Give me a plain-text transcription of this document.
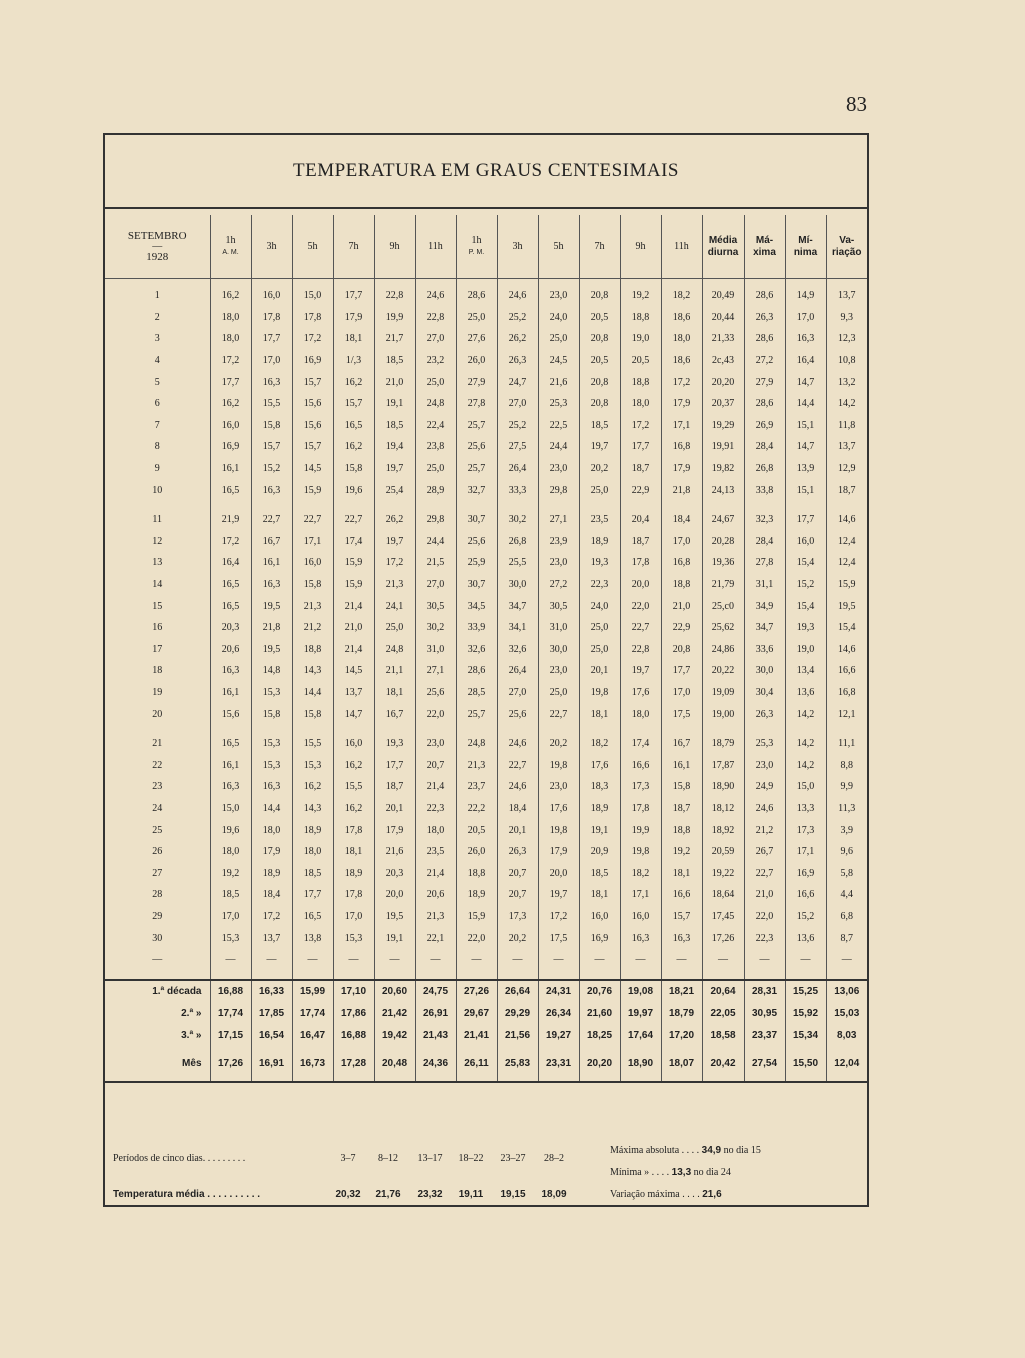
83
TEMPERATURA EM GRAUS CENTESIMAIS
SETEMBRO
—
1928	1h
A. M.	3h	5h	7h	9h	11h	1h
P. M.	3h	5h	7h	9h	11h	Média
diurna	Má-
xima	Mí-
nima	Va-
riação

1	16,2	16,0	15,0	17,7	22,8	24,6	28,6	24,6	23,0	20,8	19,2	18,2	20,49	28,6	14,9	13,7
2	18,0	17,8	17,8	17,9	19,9	22,8	25,0	25,2	24,0	20,5	18,8	18,6	20,44	26,3	17,0	9,3
3	18,0	17,7	17,2	18,1	21,7	27,0	27,6	26,2	25,0	20,8	19,0	18,0	21,33	28,6	16,3	12,3
4	17,2	17,0	16,9	1/,3	18,5	23,2	26,0	26,3	24,5	20,5	20,5	18,6	2c,43	27,2	16,4	10,8
5	17,7	16,3	15,7	16,2	21,0	25,0	27,9	24,7	21,6	20,8	18,8	17,2	20,20	27,9	14,7	13,2
6	16,2	15,5	15,6	15,7	19,1	24,8	27,8	27,0	25,3	20,8	18,0	17,9	20,37	28,6	14,4	14,2
7	16,0	15,8	15,6	16,5	18,5	22,4	25,7	25,2	22,5	18,5	17,2	17,1	19,29	26,9	15,1	11,8
8	16,9	15,7	15,7	16,2	19,4	23,8	25,6	27,5	24,4	19,7	17,7	16,8	19,91	28,4	14,7	13,7
9	16,1	15,2	14,5	15,8	19,7	25,0	25,7	26,4	23,0	20,2	18,7	17,9	19,82	26,8	13,9	12,9
10	16,5	16,3	15,9	19,6	25,4	28,9	32,7	33,3	29,8	25,0	22,9	21,8	24,13	33,8	15,1	18,7

11	21,9	22,7	22,7	22,7	26,2	29,8	30,7	30,2	27,1	23,5	20,4	18,4	24,67	32,3	17,7	14,6
12	17,2	16,7	17,1	17,4	19,7	24,4	25,6	26,8	23,9	18,9	18,7	17,0	20,28	28,4	16,0	12,4
13	16,4	16,1	16,0	15,9	17,2	21,5	25,9	25,5	23,0	19,3	17,8	16,8	19,36	27,8	15,4	12,4
14	16,5	16,3	15,8	15,9	21,3	27,0	30,7	30,0	27,2	22,3	20,0	18,8	21,79	31,1	15,2	15,9
15	16,5	19,5	21,3	21,4	24,1	30,5	34,5	34,7	30,5	24,0	22,0	21,0	25,c0	34,9	15,4	19,5
16	20,3	21,8	21,2	21,0	25,0	30,2	33,9	34,1	31,0	25,0	22,7	22,9	25,62	34,7	19,3	15,4
17	20,6	19,5	18,8	21,4	24,8	31,0	32,6	32,6	30,0	25,0	22,8	20,8	24,86	33,6	19,0	14,6
18	16,3	14,8	14,3	14,5	21,1	27,1	28,6	26,4	23,0	20,1	19,7	17,7	20,22	30,0	13,4	16,6
19	16,1	15,3	14,4	13,7	18,1	25,6	28,5	27,0	25,0	19,8	17,6	17,0	19,09	30,4	13,6	16,8
20	15,6	15,8	15,8	14,7	16,7	22,0	25,7	25,6	22,7	18,1	18,0	17,5	19,00	26,3	14,2	12,1

21	16,5	15,3	15,5	16,0	19,3	23,0	24,8	24,6	20,2	18,2	17,4	16,7	18,79	25,3	14,2	11,1
22	16,1	15,3	15,3	16,2	17,7	20,7	21,3	22,7	19,8	17,6	16,6	16,1	17,87	23,0	14,2	8,8
23	16,3	16,3	16,2	15,5	18,7	21,4	23,7	24,6	23,0	18,3	17,3	15,8	18,90	24,9	15,0	9,9
24	15,0	14,4	14,3	16,2	20,1	22,3	22,2	18,4	17,6	18,9	17,8	18,7	18,12	24,6	13,3	11,3
25	19,6	18,0	18,9	17,8	17,9	18,0	20,5	20,1	19,8	19,1	19,9	18,8	18,92	21,2	17,3	3,9
26	18,0	17,9	18,0	18,1	21,6	23,5	26,0	26,3	17,9	20,9	19,8	19,2	20,59	26,7	17,1	9,6
27	19,2	18,9	18,5	18,9	20,3	21,4	18,8	20,7	20,0	18,5	18,2	18,1	19,22	22,7	16,9	5,8
28	18,5	18,4	17,7	17,8	20,0	20,6	18,9	20,7	19,7	18,1	17,1	16,6	18,64	21,0	16,6	4,4
29	17,0	17,2	16,5	17,0	19,5	21,3	15,9	17,3	17,2	16,0	16,0	15,7	17,45	22,0	15,2	6,8
30	15,3	13,7	13,8	15,3	19,1	22,1	22,0	20,2	17,5	16,9	16,3	16,3	17,26	22,3	13,6	8,7
—	—	—	—	—	—	—	—	—	—	—	—	—	—	—	—	—

1.ª década	16,88	16,33	15,99	17,10	20,60	24,75	27,26	26,64	24,31	20,76	19,08	18,21	20,64	28,31	15,25	13,06
2.ª »	17,74	17,85	17,74	17,86	21,42	26,91	29,67	29,29	26,34	21,60	19,97	18,79	22,05	30,95	15,92	15,03
3.ª »	17,15	16,54	16,47	16,88	19,42	21,43	21,41	21,56	19,27	18,25	17,64	17,20	18,58	23,37	15,34	8,03
Mês	17,26	16,91	16,73	17,28	20,48	24,36	26,11	25,83	23,31	20,20	18,90	18,07	20,42	27,54	15,50	12,04
Períodos de cinco dias. . . . . . . . .
Temperatura média . . . . . . . . . .
3–7	8–12	13–17	18–22	23–27	28–2
20,32	21,76	23,32	19,11	19,15	18,09
Máxima absoluta . . . . 34,9 no dia 15
Mínima » . . . . 13,3 no dia 24
Variação máxima . . . . 21,6
